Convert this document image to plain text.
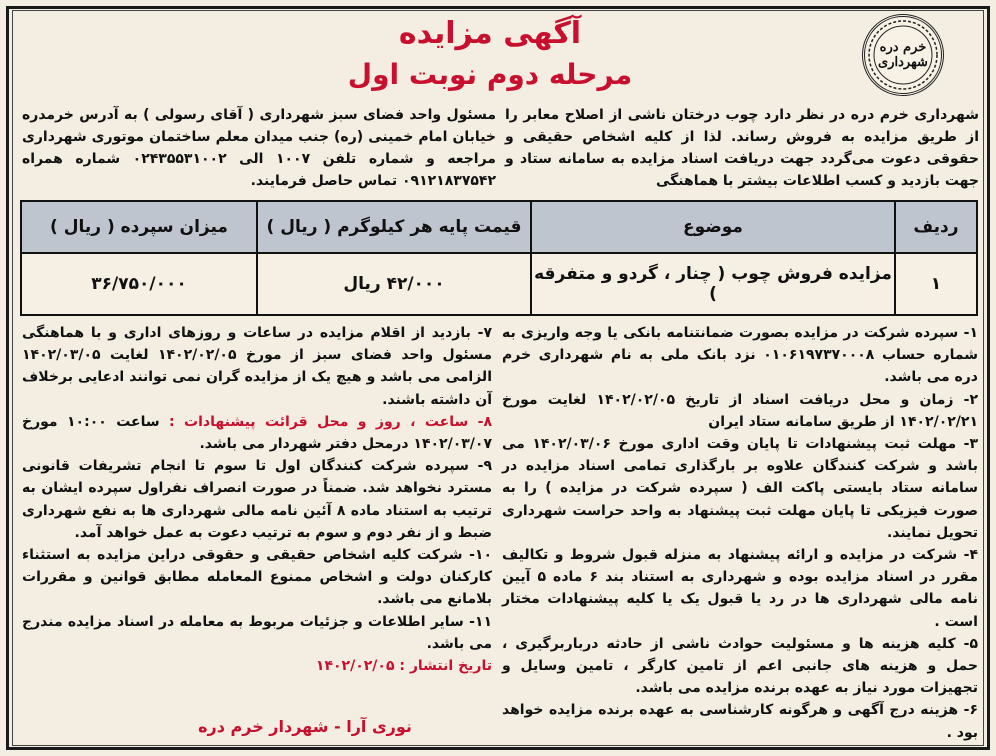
خرم دره شهرداری
آگهی مزایده
مرحله دوم نوبت اول
شهرداری خرم دره در نظر دارد چوب درختان ناشی از اصلاح معابر را از طریق مزایده به فروش رساند. لذا از کلیه اشخاص حقیقی و حقوقی دعوت می‌گردد جهت دریافت اسناد مزایده به سامانه ستاد و جهت بازدید و کسب اطلاعات بیشتر با هماهنگی
مسئول واحد فضای سبز شهرداری ( آقای رسولی ) به آدرس خرمدره خیابان امام خمینی (ره) جنب میدان معلم ساختمان موتوری شهرداری مراجعه و شماره تلفن ۱۰۰۷ الی ۰۲۴۳۵۵۳۱۰۰۲ شماره همراه ۰۹۱۲۱۸۳۷۵۴۲ تماس حاصل فرمایند.
ردیف	موضوع	قیمت پایه هر کیلوگرم ( ریال )	میزان سپرده ( ریال )
۱	مزایده فروش چوب ( چنار ، گردو و متفرقه )	۴۲/۰۰۰ ریال	۳۶/۷۵۰/۰۰۰

۱- سپرده شرکت در مزایده بصورت ضمانتنامه بانکی یا وجه واریزی به شماره حساب ۰۱۰۶۱۹۷۳۷۰۰۰۸ نزد بانک ملی به نام شهرداری خرم دره می باشد.

۲- زمان و محل دریافت اسناد از تاریخ ۱۴۰۲/۰۲/۰۵ لغایت مورخ ۱۴۰۲/۰۲/۲۱ از طریق سامانه ستاد ایران

۳- مهلت ثبت پیشنهادات تا پایان وقت اداری مورخ ۱۴۰۲/۰۳/۰۶ می باشد و شرکت کنندگان علاوه بر بارگذاری تمامی اسناد مزایده در سامانه ستاد بایستی پاکت الف ( سپرده شرکت در مزایده ) را به صورت فیزیکی تا پایان مهلت ثبت پیشنهاد به واحد حراست شهرداری تحویل نمایند.

۴- شرکت در مزایده و ارائه پیشنهاد به منزله قبول شروط و تکالیف مقرر در اسناد مزایده بوده و شهرداری به استناد بند ۶ ماده ۵ آیین نامه مالی شهرداری ها در رد یا قبول یک یا کلیه پیشنهادات مختار است .

۵- کلیه هزینه ها و مسئولیت حوادث ناشی از حادثه درباربرگیری ، حمل و هزینه های جانبی اعم از تامین کارگر ، تامین وسایل و تجهیزات مورد نیاز به عهده برنده مزایده می باشد.

۶- هزینه درج آگهی و هرگونه کارشناسی به عهده برنده مزایده خواهد بود .

۷- بازدید از اقلام مزایده در ساعات و روزهای اداری و با هماهنگی مسئول واحد فضای سبز از مورخ ۱۴۰۲/۰۲/۰۵ لغایت ۱۴۰۲/۰۳/۰۵ الزامی می باشد و هیچ یک از مزایده گران نمی توانند ادعایی برخلاف آن داشته باشند.

۸- ساعت ، روز و محل قرائت پیشنهادات : ساعت ۱۰:۰۰ مورخ ۱۴۰۲/۰۳/۰۷ درمحل دفتر شهردار می باشد.

۹- سپرده شرکت کنندگان اول تا سوم تا انجام تشریفات قانونی مسترد نخواهد شد. ضمناً در صورت انصراف نفراول سپرده ایشان به ترتیب به استناد ماده ۸ آئین نامه مالی شهرداری ها به نفع شهرداری ضبط و از نفر دوم و سوم به ترتیب دعوت به عمل خواهد آمد.

۱۰- شرکت کلیه اشخاص حقیقی و حقوقی دراین مزایده به استثناء کارکنان دولت و اشخاص ممنوع المعامله مطابق قوانین و مقررات بلامانع می باشد.

۱۱- سایر اطلاعات و جزئیات مربوط به معامله در اسناد مزایده مندرج می باشد.

تاریخ انتشار : ۱۴۰۲/۰۲/۰۵

نوری آرا - شهردار خرم دره
